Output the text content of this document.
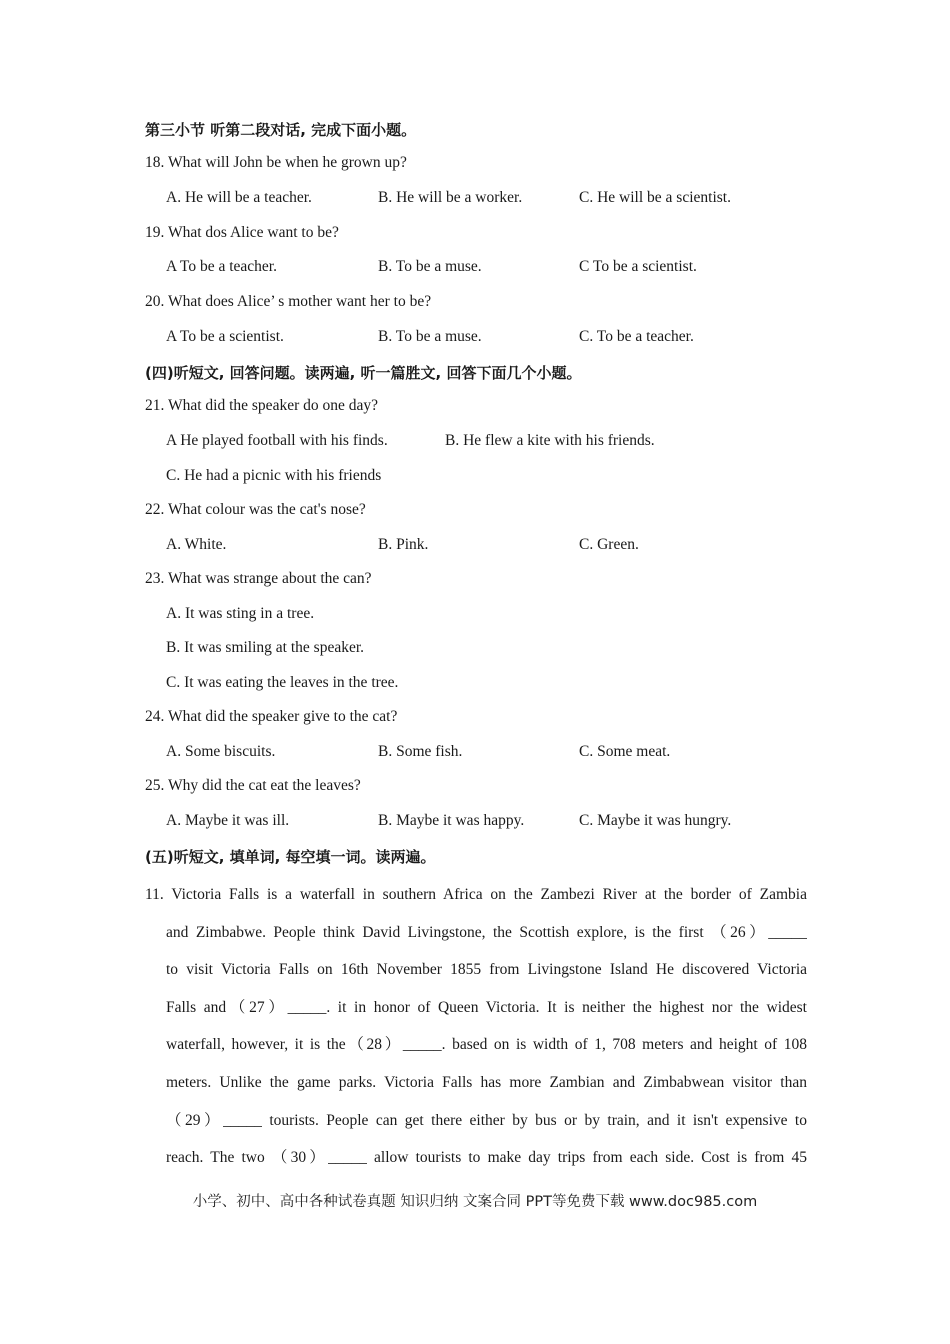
第三小节 听第二段对话, 完成下面小题。
18. What will John be when he grown up?
A. He will be a teacher.	B. He will be a worker.	C. He will be a scientist.
19. What dos Alice want to be?
A To be a teacher.	B. To be a muse.	C To be a scientist.
20. What does Alice’ s mother want her to be?
A To be a scientist.	B. To be a muse.	C. To be a teacher.
(四)听短文, 回答问题。读两遍, 听一篇胜文, 回答下面几个小题。
21. What did the speaker do one day?
A He played football with his finds.	B. He flew a kite with his friends.
C. He had a picnic with his friends
22. What colour was the cat's nose?
A. White.	B. Pink.	C. Green.
23. What was strange about the can?
A. It was sting in a tree.
B. It was smiling at the speaker.
C. It was eating the leaves in the tree.
24. What did the speaker give to the cat?
A. Some biscuits.	B. Some fish.	C. Some meat.
25. Why did the cat eat the leaves?
A. Maybe it was ill.	B. Maybe it was happy.	C. Maybe it was hungry.
(五)听短文, 填单词, 每空填一词。读两遍。
11. Victoria Falls is a waterfall in southern Africa on the Zambezi River at the border of Zambia
and Zimbabwe. People think David Livingstone, the Scottish explore, is the first （26）_____
to visit Victoria Falls on 16th November 1855 from Livingstone Island He discovered Victoria
Falls and（27）_____. it in honor of Queen Victoria. It is neither the highest nor the widest
waterfall, however, it is the（28）_____. based on is width of 1, 708 meters and height of 108
meters. Unlike the game parks. Victoria Falls has more Zambian and Zimbabwean visitor than
（29）_____ tourists. People can get there either by bus or by train, and it isn't expensive to
reach. The two （30）_____ allow tourists to make day trips from each side. Cost is from 45
小学、初中、高中各种试卷真题 知识归纳 文案合同 PPT等免费下载 www.doc985.com
